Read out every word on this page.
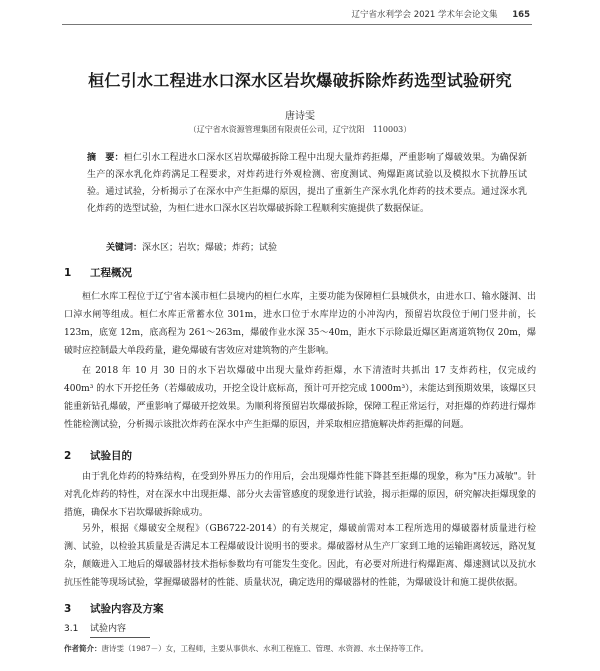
辽宁省水利学会 2021 学术年会论文集 165
桓仁引水工程进水口深水区岩坎爆破拆除炸药选型试验研究
唐诗雯
（辽宁省水资源管理集团有限责任公司，辽宁沈阳　110003）
摘　要：桓仁引水工程进水口深水区岩坎爆破拆除工程中出现大量炸药拒爆，严重影响了爆破效果。为确保新生产的深水乳化炸药满足工程要求，对炸药进行外观检测、密度测试、殉爆距离试验以及模拟水下抗静压试验。通过试验，分析揭示了在深水中产生拒爆的原因，提出了重新生产深水乳化炸药的技术要点。通过深水乳化炸药的选型试验，为桓仁进水口深水区岩坎爆破拆除工程顺利实施提供了数据保证。
关键词：深水区；岩坎；爆破；炸药；试验
1 工程概况
桓仁水库工程位于辽宁省本溪市桓仁县境内的桓仁水库，主要功能为保障桓仁县城供水，由进水口、输水隧洞、出口淖水闸等组成。桓仁水库正常蓄水位 301m，进水口位于水库岸边的小冲沟内，预留岩坎段位于闸门竖井前，长 123m，底宽 12m，底高程为 261～263m，爆破作业水深 35～40m，距水下示除最近爆区距离道筑物仅 20m，爆破时应控制最大单段药量，避免爆破有害效应对建筑物的产生影响。
在 2018 年 10 月 30 日的水下岩坎爆破中出现大量炸药拒爆，水下清渣时共抓出 17 支炸药柱，仅完成约 400m³ 的水下开挖任务（若爆破成功，开挖全设计底标高，预计可开挖完成 1000m³），未能达到预期效果，该爆区只能重新钻孔爆破，严重影响了爆破开挖效果。为顺利将预留岩坎爆破拆除，保障工程正常运行，对拒爆的炸药进行爆炸性能检测试验，分析揭示该批次炸药在深水中产生拒爆的原因，并采取相应措施解决炸药拒爆的问题。
2 试验目的
由于乳化炸药的特殊结构，在受到外界压力的作用后，会出现爆炸性能下降甚至拒爆的现象，称为"压力减敏"。针对乳化炸药的特性，对在深水中出现拒爆、部分火去雷管感度的现象进行试验，揭示拒爆的原因，研究解决拒爆现象的措施，确保水下岩坎爆破拆除成功。
另外，根据《爆破安全规程》（GB6722-2014）的有关规定，爆破前需对本工程所选用的爆破器材质量进行检测、试验，以检验其质量是否满足本工程爆破设计说明书的要求。爆破器材从生产厂家到工地的运输距离较远，路况复杂，颠簸进入工地后的爆破器材技术指标参数均有可能发生变化。因此，有必要对所进行构爆距离、爆速测试以及抗水抗压性能等现场试验，掌握爆破器材的性能、质量状况，确定选用的爆破器材的性能，为爆破设计和施工提供依据。
3 试验内容及方案
3.1 试验内容
作者简介：唐诗雯（1987－）女，工程师，主要从事供水、水利工程施工、管理、水资源、水土保持等工作。
